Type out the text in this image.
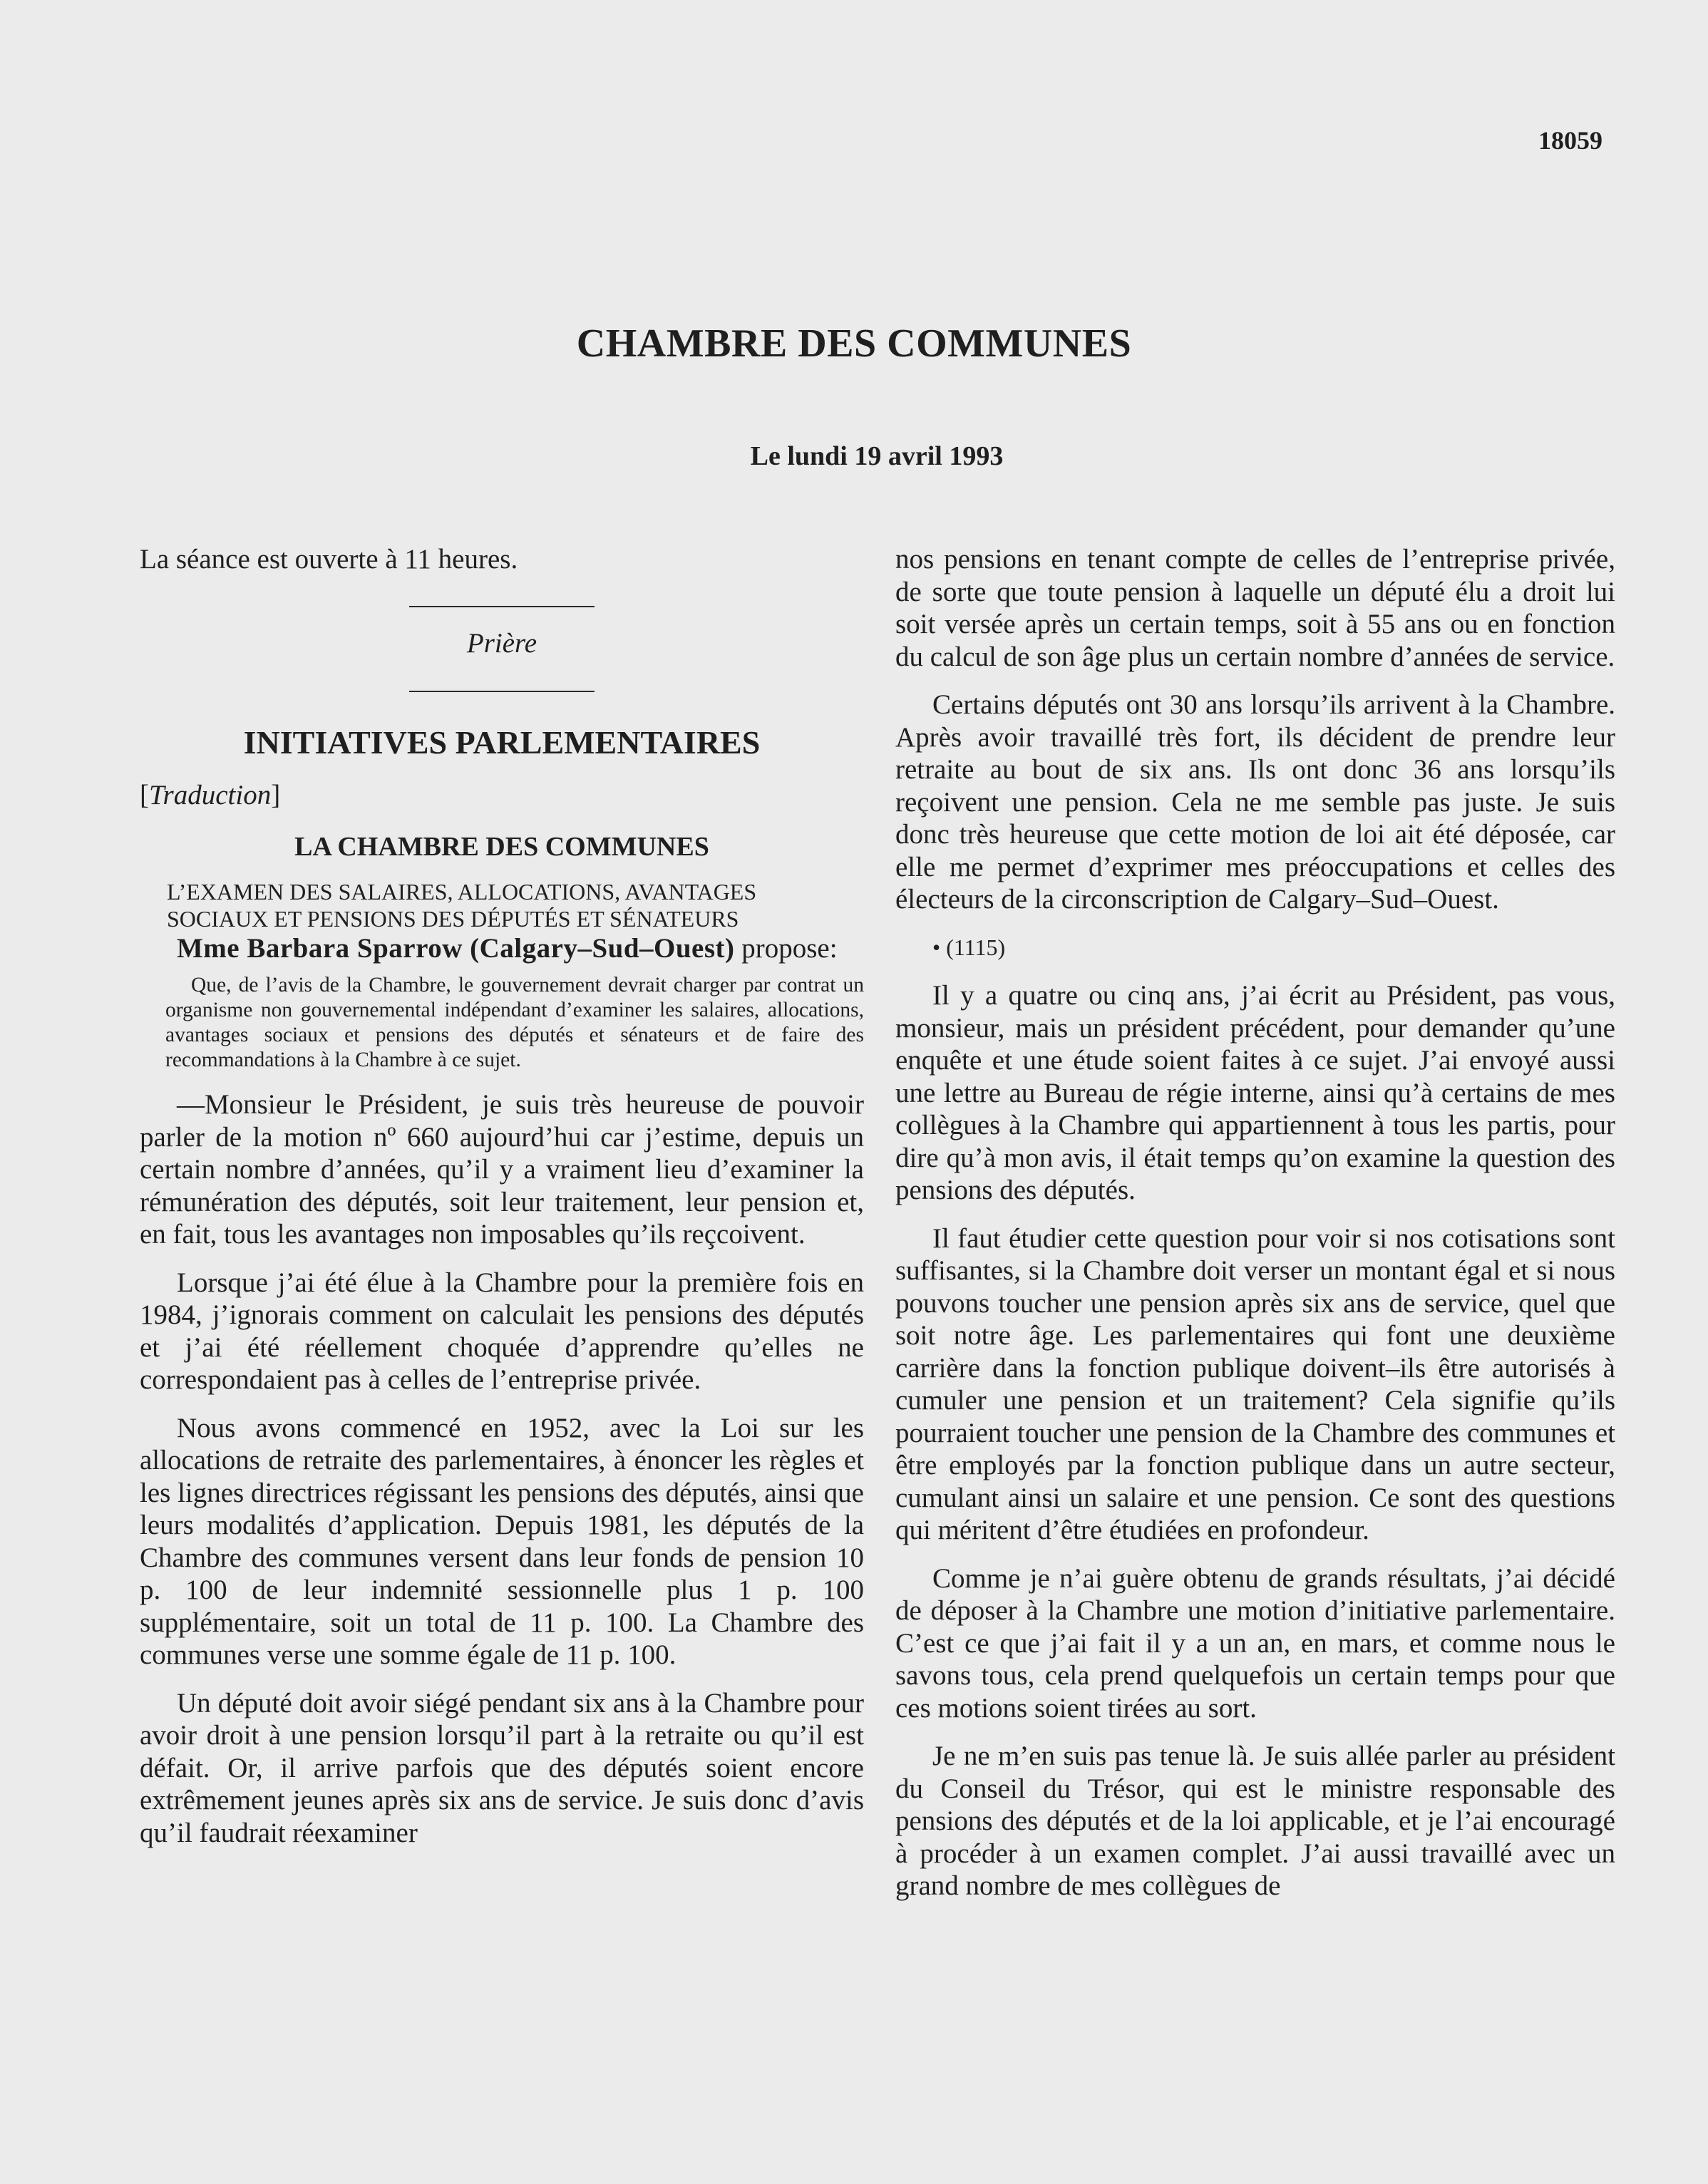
18059
CHAMBRE DES COMMUNES
Le lundi 19 avril 1993

La séance est ouverte à 11 heures.

Prière
INITIATIVES PARLEMENTAIRES
[Traduction]
LA CHAMBRE DES COMMUNES
L’EXAMEN DES SALAIRES, ALLOCATIONS, AVANTAGES
SOCIAUX ET PENSIONS DES DÉPUTÉS ET SÉNATEURS

Mme Barbara Sparrow (Calgary–Sud–Ouest) propose:

Que, de l’avis de la Chambre, le gouvernement devrait charger par contrat un organisme non gouvernemental indépendant d’examiner les salaires, allocations, avantages sociaux et pensions des députés et sénateurs et de faire des recommandations à la Chambre à ce sujet.

—Monsieur le Président, je suis très heureuse de pouvoir parler de la motion nº 660 aujourd’hui car j’estime, depuis un certain nombre d’années, qu’il y a vraiment lieu d’examiner la rémunération des députés, soit leur traitement, leur pension et, en fait, tous les avantages non imposables qu’ils reçcoivent.

Lorsque j’ai été élue à la Chambre pour la première fois en 1984, j’ignorais comment on calculait les pensions des députés et j’ai été réellement choquée d’apprendre qu’elles ne correspondaient pas à celles de l’entreprise privée.

Nous avons commencé en 1952, avec la Loi sur les allocations de retraite des parlementaires, à énoncer les règles et les lignes directrices régissant les pensions des députés, ainsi que leurs modalités d’application. Depuis 1981, les députés de la Chambre des communes versent dans leur fonds de pension 10 p. 100 de leur indemnité sessionnelle plus 1 p. 100 supplémentaire, soit un total de 11 p. 100. La Chambre des communes verse une somme égale de 11 p. 100.

Un député doit avoir siégé pendant six ans à la Chambre pour avoir droit à une pension lorsqu’il part à la retraite ou qu’il est défait. Or, il arrive parfois que des députés soient encore extrêmement jeunes après six ans de service. Je suis donc d’avis qu’il faudrait réexaminer

nos pensions en tenant compte de celles de l’entreprise privée, de sorte que toute pension à laquelle un député élu a droit lui soit versée après un certain temps, soit à 55 ans ou en fonction du calcul de son âge plus un certain nombre d’années de service.

Certains députés ont 30 ans lorsqu’ils arrivent à la Chambre. Après avoir travaillé très fort, ils décident de prendre leur retraite au bout de six ans. Ils ont donc 36 ans lorsqu’ils reçoivent une pension. Cela ne me semble pas juste. Je suis donc très heureuse que cette motion de loi ait été déposée, car elle me permet d’exprimer mes préoccupations et celles des électeurs de la circonscription de Calgary–Sud–Ouest.

• (1115)

Il y a quatre ou cinq ans, j’ai écrit au Président, pas vous, monsieur, mais un président précédent, pour demander qu’une enquête et une étude soient faites à ce sujet. J’ai envoyé aussi une lettre au Bureau de régie interne, ainsi qu’à certains de mes collègues à la Chambre qui appartiennent à tous les partis, pour dire qu’à mon avis, il était temps qu’on examine la question des pensions des députés.

Il faut étudier cette question pour voir si nos cotisations sont suffisantes, si la Chambre doit verser un montant égal et si nous pouvons toucher une pension après six ans de service, quel que soit notre âge. Les parlementaires qui font une deuxième carrière dans la fonction publique doivent–ils être autorisés à cumuler une pension et un traitement? Cela signifie qu’ils pourraient toucher une pension de la Chambre des communes et être employés par la fonction publique dans un autre secteur, cumulant ainsi un salaire et une pension. Ce sont des questions qui méritent d’être étudiées en profondeur.

Comme je n’ai guère obtenu de grands résultats, j’ai décidé de déposer à la Chambre une motion d’initiative parlementaire. C’est ce que j’ai fait il y a un an, en mars, et comme nous le savons tous, cela prend quelquefois un certain temps pour que ces motions soient tirées au sort.

Je ne m’en suis pas tenue là. Je suis allée parler au président du Conseil du Trésor, qui est le ministre responsable des pensions des députés et de la loi applicable, et je l’ai encouragé à procéder à un examen complet. J’ai aussi travaillé avec un grand nombre de mes collègues de
